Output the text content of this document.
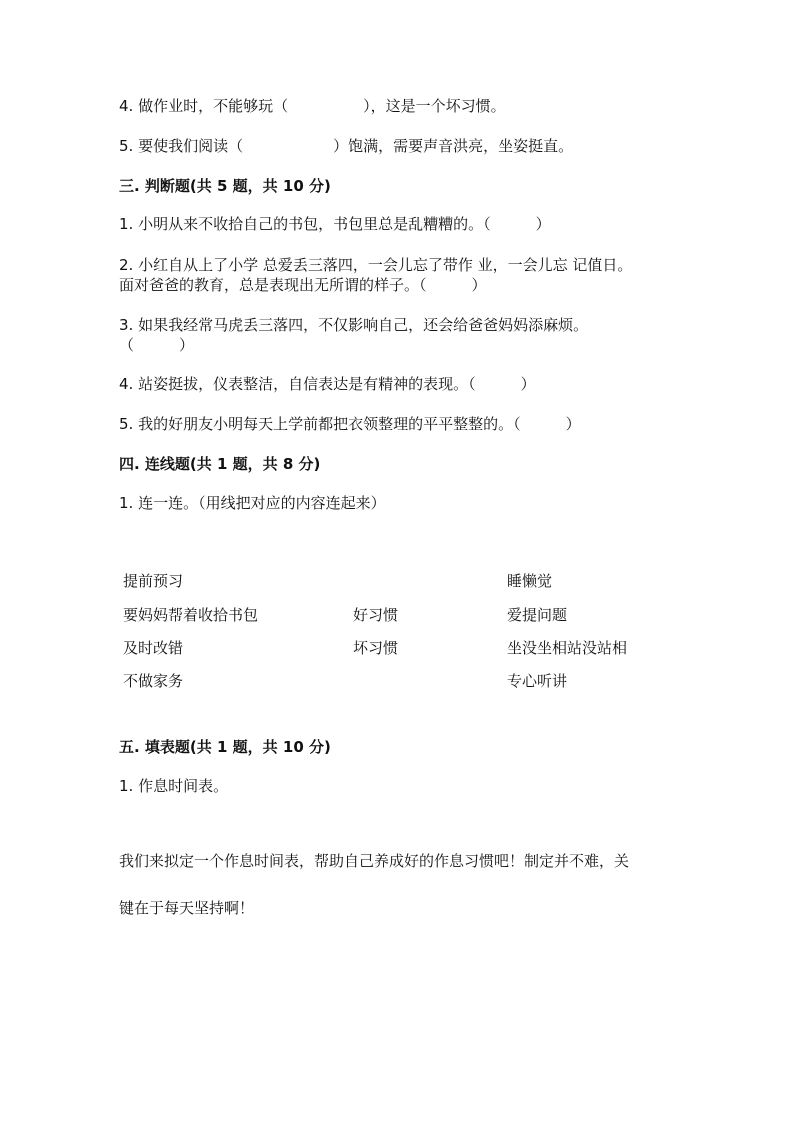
4. 做作业时，不能够玩（　　　　　），这是一个坏习惯。
5. 要使我们阅读（　　　　　　）饱满，需要声音洪亮，坐姿挺直。
三. 判断题(共 5 题，共 10 分)
1. 小明从来不收拾自己的书包，书包里总是乱糟糟的。（　　　）
2. 小红自从上了小学 总爱丢三落四，一会儿忘了带作 业，一会儿忘 记值日。
面对爸爸的教育，总是表现出无所谓的样子。（　　　）
3. 如果我经常马虎丢三落四，不仅影响自己，还会给爸爸妈妈添麻烦。
（　　　）
4. 站姿挺拔，仪表整洁，自信表达是有精神的表现。（　　　）
5. 我的好朋友小明每天上学前都把衣领整理的平平整整的。（　　　）
四. 连线题(共 1 题，共 8 分)
1. 连一连。（用线把对应的内容连起来）
提前预习
要妈妈帮着收拾书包
及时改错
不做家务
好习惯
坏习惯
睡懒觉
爱提问题
坐没坐相站没站相
专心听讲
五. 填表题(共 1 题，共 10 分)
1. 作息时间表。
我们来拟定一个作息时间表，帮助自己养成好的作息习惯吧！制定并不难，关
键在于每天坚持啊！
